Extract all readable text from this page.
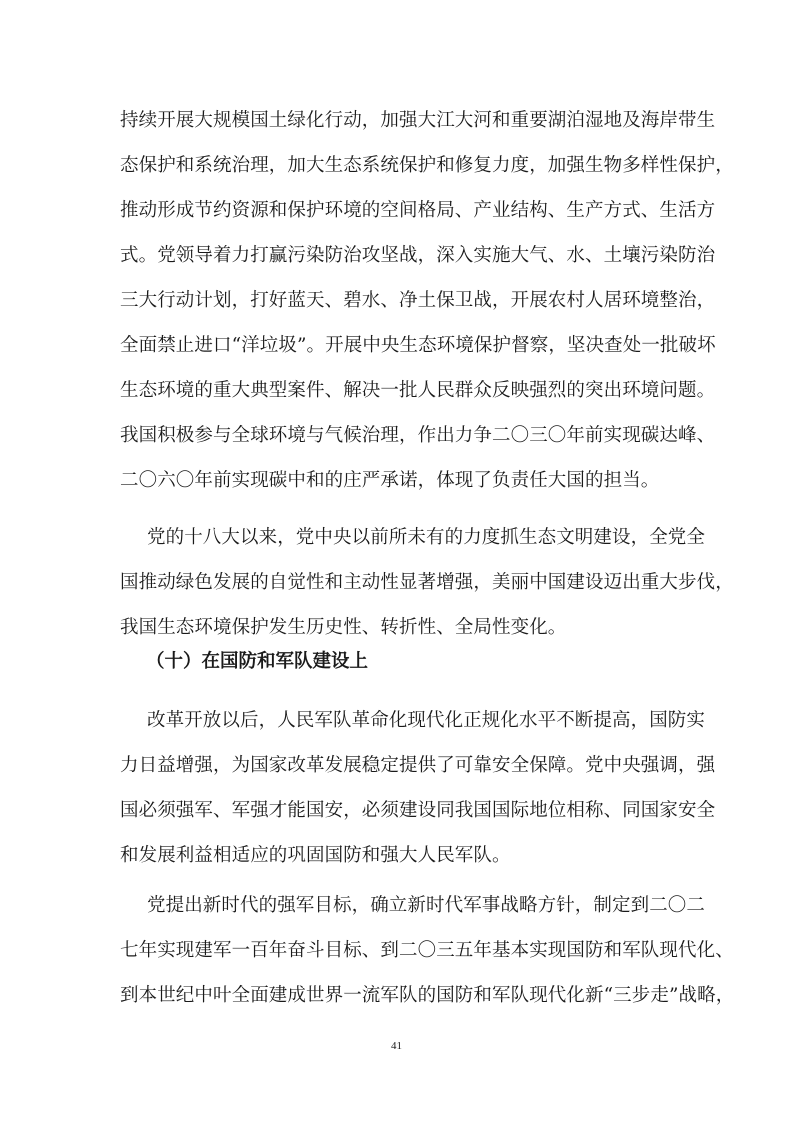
持续开展大规模国土绿化行动，加强大江大河和重要湖泊湿地及海岸带生
态保护和系统治理，加大生态系统保护和修复力度，加强生物多样性保护，
推动形成节约资源和保护环境的空间格局、产业结构、生产方式、生活方
式。党领导着力打赢污染防治攻坚战，深入实施大气、水、土壤污染防治
三大行动计划，打好蓝天、碧水、净土保卫战，开展农村人居环境整治，
全面禁止进口“洋垃圾”。开展中央生态环境保护督察，坚决查处一批破坏
生态环境的重大典型案件、解决一批人民群众反映强烈的突出环境问题。
我国积极参与全球环境与气候治理，作出力争二〇三〇年前实现碳达峰、
二〇六〇年前实现碳中和的庄严承诺，体现了负责任大国的担当。
党的十八大以来，党中央以前所未有的力度抓生态文明建设，全党全
国推动绿色发展的自觉性和主动性显著增强，美丽中国建设迈出重大步伐，
我国生态环境保护发生历史性、转折性、全局性变化。
（十）在国防和军队建设上
改革开放以后，人民军队革命化现代化正规化水平不断提高，国防实
力日益增强，为国家改革发展稳定提供了可靠安全保障。党中央强调，强
国必须强军、军强才能国安，必须建设同我国国际地位相称、同国家安全
和发展利益相适应的巩固国防和强大人民军队。
党提出新时代的强军目标，确立新时代军事战略方针，制定到二〇二
七年实现建军一百年奋斗目标、到二〇三五年基本实现国防和军队现代化、
到本世纪中叶全面建成世界一流军队的国防和军队现代化新“三步走”战略，
41
